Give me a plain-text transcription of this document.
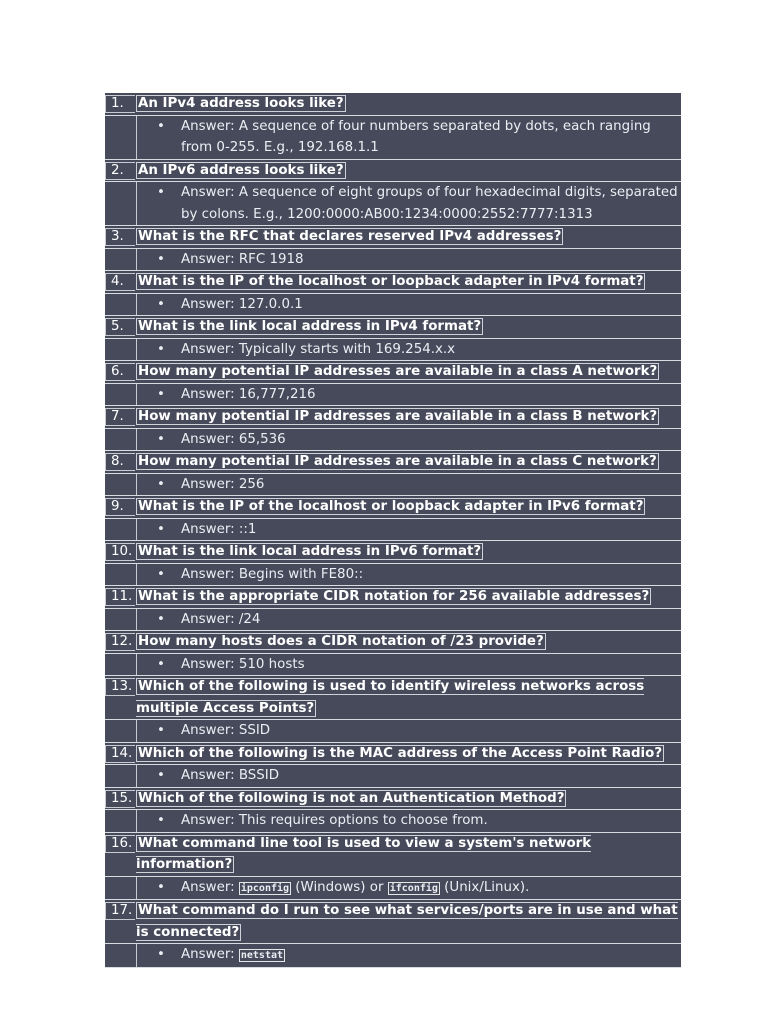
1. An IPv4 address looks like?
• Answer: A sequence of four numbers separated by dots, each ranging from 0-255. E.g., 192.168.1.1
2. An IPv6 address looks like?
• Answer: A sequence of eight groups of four hexadecimal digits, separated by colons. E.g., 1200:0000:AB00:1234:0000:2552:7777:1313
3. What is the RFC that declares reserved IPv4 addresses?
• Answer: RFC 1918
4. What is the IP of the localhost or loopback adapter in IPv4 format?
• Answer: 127.0.0.1
5. What is the link local address in IPv4 format?
• Answer: Typically starts with 169.254.x.x
6. How many potential IP addresses are available in a class A network?
• Answer: 16,777,216
7. How many potential IP addresses are available in a class B network?
• Answer: 65,536
8. How many potential IP addresses are available in a class C network?
• Answer: 256
9. What is the IP of the localhost or loopback adapter in IPv6 format?
• Answer: ::1
10. What is the link local address in IPv6 format?
• Answer: Begins with FE80::
11. What is the appropriate CIDR notation for 256 available addresses?
• Answer: /24
12. How many hosts does a CIDR notation of /23 provide?
• Answer: 510 hosts
13. Which of the following is used to identify wireless networks across multiple Access Points?
• Answer: SSID
14. Which of the following is the MAC address of the Access Point Radio?
• Answer: BSSID
15. Which of the following is not an Authentication Method?
• Answer: This requires options to choose from.
16. What command line tool is used to view a system's network information?
• Answer: ipconfig (Windows) or ifconfig (Unix/Linux).
17. What command do I run to see what services/ports are in use and what is connected?
• Answer: netstat
